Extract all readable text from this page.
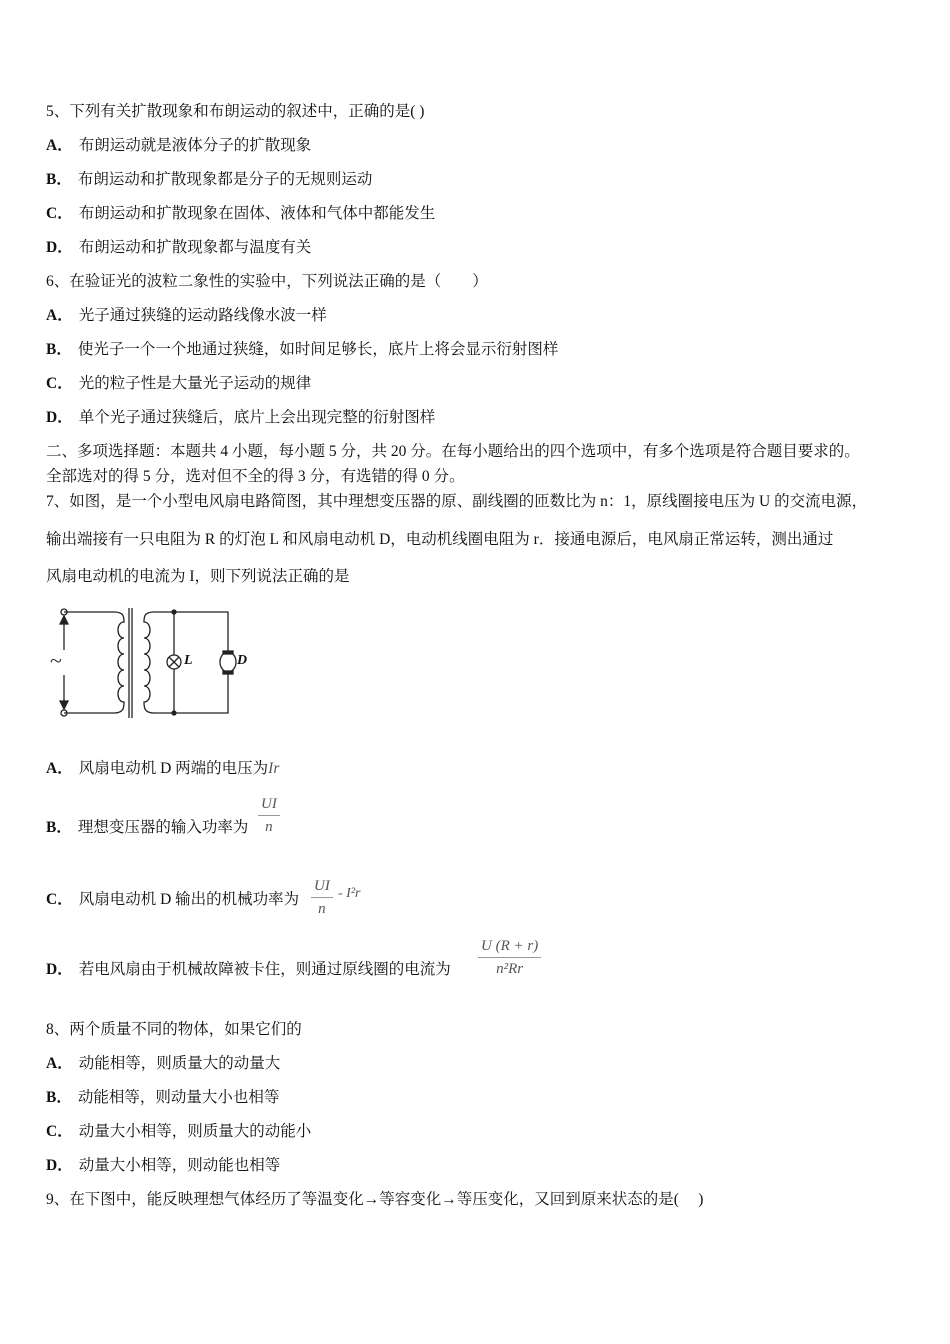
5、下列有关扩散现象和布朗运动的叙述中，正确的是( )
A． 布朗运动就是液体分子的扩散现象
B． 布朗运动和扩散现象都是分子的无规则运动
C． 布朗运动和扩散现象在固体、液体和气体中都能发生
D． 布朗运动和扩散现象都与温度有关
6、在验证光的波粒二象性的实验中，下列说法正确的是（　　）
A． 光子通过狭缝的运动路线像水波一样
B． 使光子一个一个地通过狭缝，如时间足够长，底片上将会显示衍射图样
C． 光的粒子性是大量光子运动的规律
D． 单个光子通过狭缝后，底片上会出现完整的衍射图样
二、多项选择题：本题共 4 小题，每小题 5 分，共 20 分。在每小题给出的四个选项中，有多个选项是符合题目要求的。
全部选对的得 5 分，选对但不全的得 3 分，有选错的得 0 分。
7、如图，是一个小型电风扇电路简图，其中理想变压器的原、副线圈的匝数比为 n：1，原线圈接电压为 U 的交流电源，
输出端接有一只电阻为 R 的灯泡 L 和风扇电动机 D，电动机线圈电阻为 r．接通电源后，电风扇正常运转，测出通过
风扇电动机的电流为 I，则下列说法正确的是
~	L	D
A． 风扇电动机 D 两端的电压为Ir
B． 理想变压器的输入功率为 $\frac{UI}{n}$
C． 风扇电动机 D 输出的机械功率为 $\frac{UI}{n} - I^2r$
D． 若电风扇由于机械故障被卡住，则通过原线圈的电流为 $\frac{U (R + r)}{\text{n²Rr}}$
8、两个质量不同的物体，如果它们的
A． 动能相等，则质量大的动量大
B． 动能相等，则动量大小也相等
C． 动量大小相等，则质量大的动能小
D． 动量大小相等，则动能也相等
9、在下图中，能反映理想气体经历了等温变化→等容变化→等压变化，又回到原来状态的是(　 )
